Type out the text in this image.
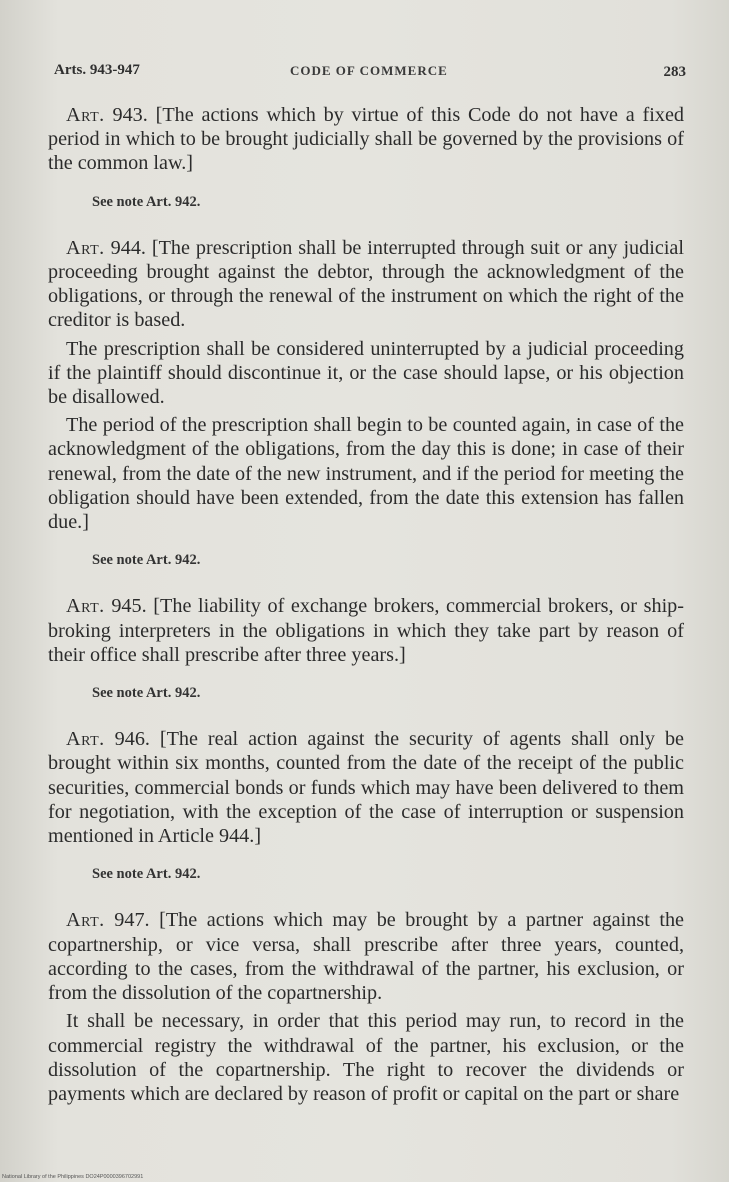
Arts. 943-947	CODE OF COMMERCE	283

Art. 943. [The actions which by virtue of this Code do not have a fixed period in which to be brought judicially shall be governed by the provisions of the common law.]

See note Art. 942.

Art. 944. [The prescription shall be interrupted through suit or any judicial proceeding brought against the debtor, through the acknowledgment of the obligations, or through the renewal of the instrument on which the right of the creditor is based.

The prescription shall be considered uninterrupted by a judicial proceeding if the plaintiff should discontinue it, or the case should lapse, or his objection be disallowed.

The period of the prescription shall begin to be counted again, in case of the acknowledgment of the obligations, from the day this is done; in case of their renewal, from the date of the new instrument, and if the period for meeting the obligation should have been extended, from the date this extension has fallen due.]

See note Art. 942.

Art. 945. [The liability of exchange brokers, commercial brokers, or ship-broking interpreters in the obligations in which they take part by reason of their office shall prescribe after three years.]

See note Art. 942.

Art. 946. [The real action against the security of agents shall only be brought within six months, counted from the date of the receipt of the public securities, commercial bonds or funds which may have been delivered to them for negotiation, with the exception of the case of interruption or suspension mentioned in Article 944.]

See note Art. 942.

Art. 947. [The actions which may be brought by a partner against the copartnership, or vice versa, shall prescribe after three years, counted, according to the cases, from the withdrawal of the partner, his exclusion, or from the dissolution of the copartnership.

It shall be necessary, in order that this period may run, to record in the commercial registry the withdrawal of the partner, his exclusion, or the dissolution of the copartnership. The right to recover the dividends or payments which are declared by reason of profit or capital on the part or share

National Library of the Philippines DO24P0000396702991
